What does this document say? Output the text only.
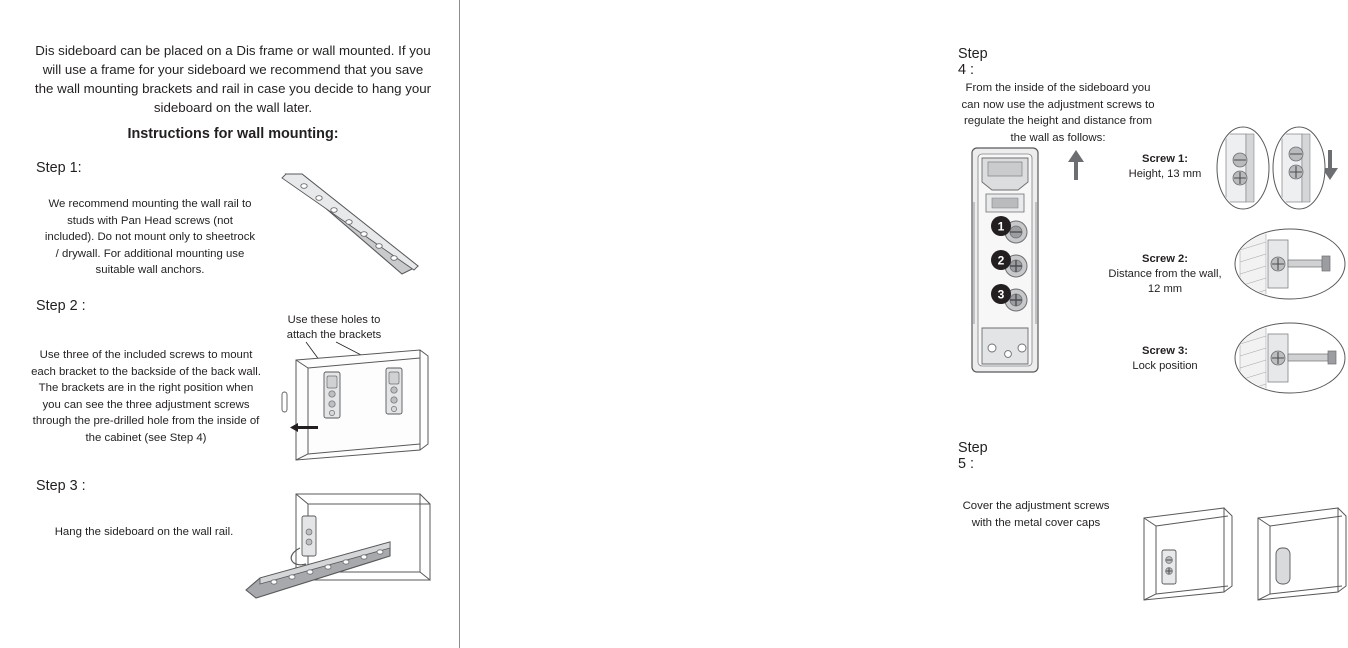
Dis sideboard can be placed on a Dis frame or wall mounted. If you will use a frame for your sideboard we recommend that you save the wall mounting brackets and rail in case you decide to hang your sideboard on the wall later.
Instructions for wall mounting:
Step 1:
We recommend mounting the wall rail to studs with Pan Head screws (not included). Do not mount only to sheetrock / drywall. For additional mounting use suitable wall anchors.
Step 2 :
Use three of the included screws to mount each bracket to the backside of the back wall. The brackets are in the right position when you can see the three adjustment screws through the pre-drilled hole from the inside of the cabinet (see Step 4)
Use these holes to attach the brackets
Step 3 :
Hang the sideboard on the wall rail.
Step 4 :
From the inside of the sideboard you can now use the adjustment screws to regulate the height and distance from the wall as follows:
1
2
3
Screw 1:
Height, 13 mm
Screw 2:
Distance from the wall, 12 mm
Screw 3:
Lock position
Step 5 :
Cover the adjustment screws with the metal cover caps
